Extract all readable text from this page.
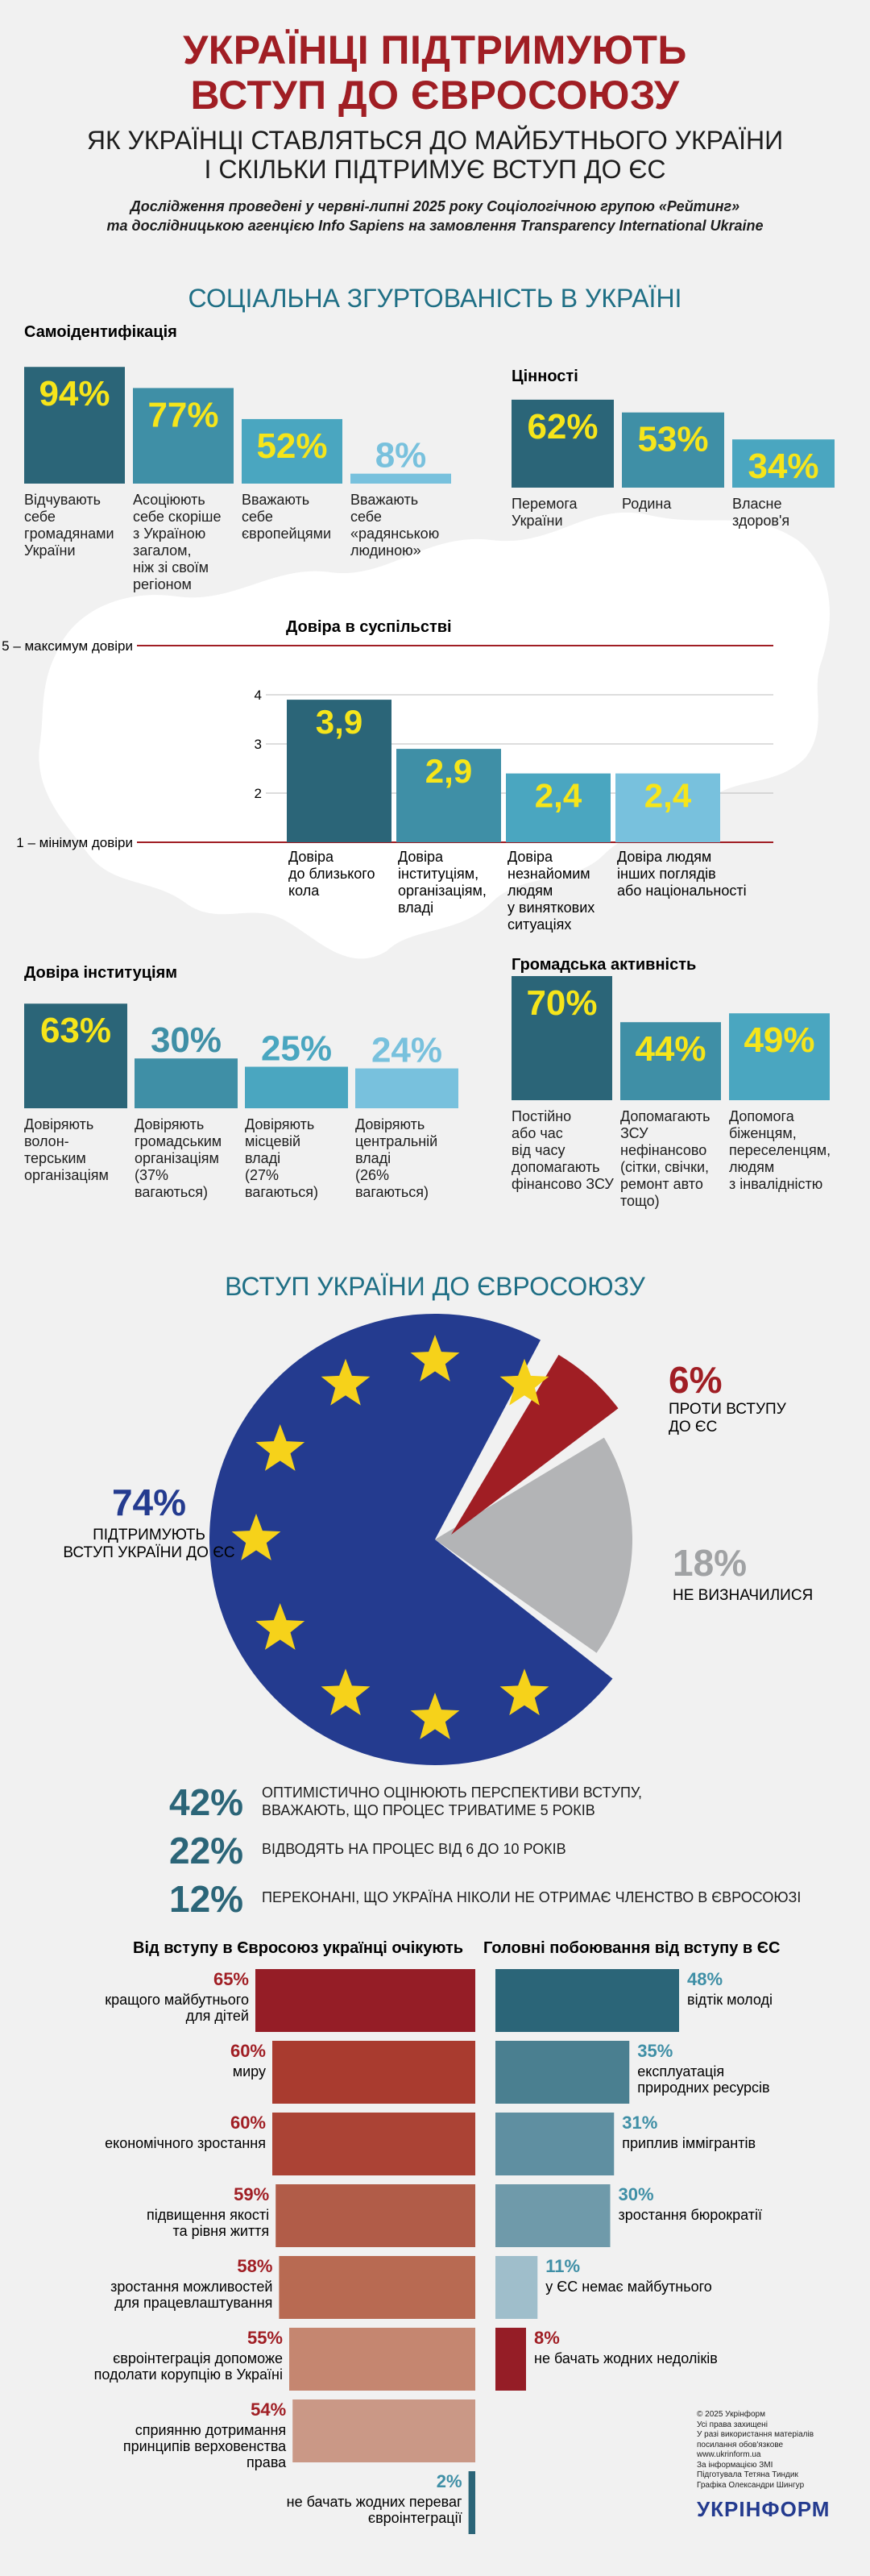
УКРАЇНЦІ ПІДТРИМУЮТЬ
ВСТУП ДО ЄВРОСОЮЗУ
ЯК УКРАЇНЦІ СТАВЛЯТЬСЯ ДО МАЙБУТНЬОГО УКРАЇНИ
І СКІЛЬКИ ПІДТРИМУЄ ВСТУП ДО ЄС
Дослідження проведені у червні-липні 2025 року Соціологічною групою «Рейтинг»
та дослідницькою агенцією Info Sapiens на замовлення Transparency International Ukraine
СОЦІАЛЬНА ЗГУРТОВАНІСТЬ В УКРАЇНІ
Самоідентифікація
94%
Відчувають себе громадянами України
77%
Асоціюють себе скоріше з Україною загалом, ніж зі своїм регіоном
52%
Вважають себе європейцями
8%
Вважають себе «радянською людиною»
Цінності
62%
Перемога України
53%
Родина
34%
Власне здоров'я
Довіра в суспільстві
5 – максимум довіри
4
3
2
1 – мінімум довіри
3,9
Довіра до близького кола
2,9
Довіра інституціям, організаціям, владі
2,4
Довіра незнайомим людям у виняткових ситуаціях
2,4
Довіра людям інших поглядів або національності
Довіра інституціям
63%
Довіряють волон-терським організаціям
30%
Довіряють громадським організаціям (37% вагаються)
25%
Довіряють місцевій владі (27% вагаються)
24%
Довіряють центральній владі (26% вагаються)
Громадська активність
70%
Постійно або час від часу допомагають фінансово ЗСУ
44%
Допомагають ЗСУ нефінансово (сітки, свічки, ремонт авто тощо)
49%
Допомога біженцям, переселенцям, людям з інвалідністю
ВСТУП УКРАЇНИ ДО ЄВРОСОЮЗУ
74%
ПІДТРИМУЮТЬ ВСТУП УКРАЇНИ ДО ЄС
6%
ПРОТИ ВСТУПУ ДО ЄС
18%
НЕ ВИЗНАЧИЛИСЯ
42% ОПТИМІСТИЧНО ОЦІНЮЮТЬ ПЕРСПЕКТИВИ ВСТУПУ,
ВВАЖАЮТЬ, ЩО ПРОЦЕС ТРИВАТИМЕ 5 РОКІВ
22% ВІДВОДЯТЬ НА ПРОЦЕС ВІД 6 ДО 10 РОКІВ
12% ПЕРЕКОНАНІ, ЩО УКРАЇНА НІКОЛИ НЕ ОТРИМАЄ ЧЛЕНСТВО В ЄВРОСОЮЗІ
Від вступу в Євросоюз українці очікують
65%
кращого майбутнього для дітей
60%
миру
60%
економічного зростання
59%
підвищення якості та рівня життя
58%
зростання можливостей для працевлаштування
55%
євроінтеграція допоможе подолати корупцію в Україні
54%
сприянню дотримання принципів верховенства права
2%
не бачать жодних переваг євроінтеграції
Головні побоювання від вступу в ЄС
48%
відтік молоді
35%
експлуатація природних ресурсів
31%
приплив іммігрантів
30%
зростання бюрократії
11%
у ЄС немає майбутнього
8%
не бачать жодних недоліків
© 2025 Укрінформ
Усі права захищені
У разі використання матеріалів
посилання обов'язкове
www.ukrinform.ua
За інформацією ЗМІ
Підготувала Тетяна Тиндик
Графіка Олександри Шингур
УКРІНФОРМ
